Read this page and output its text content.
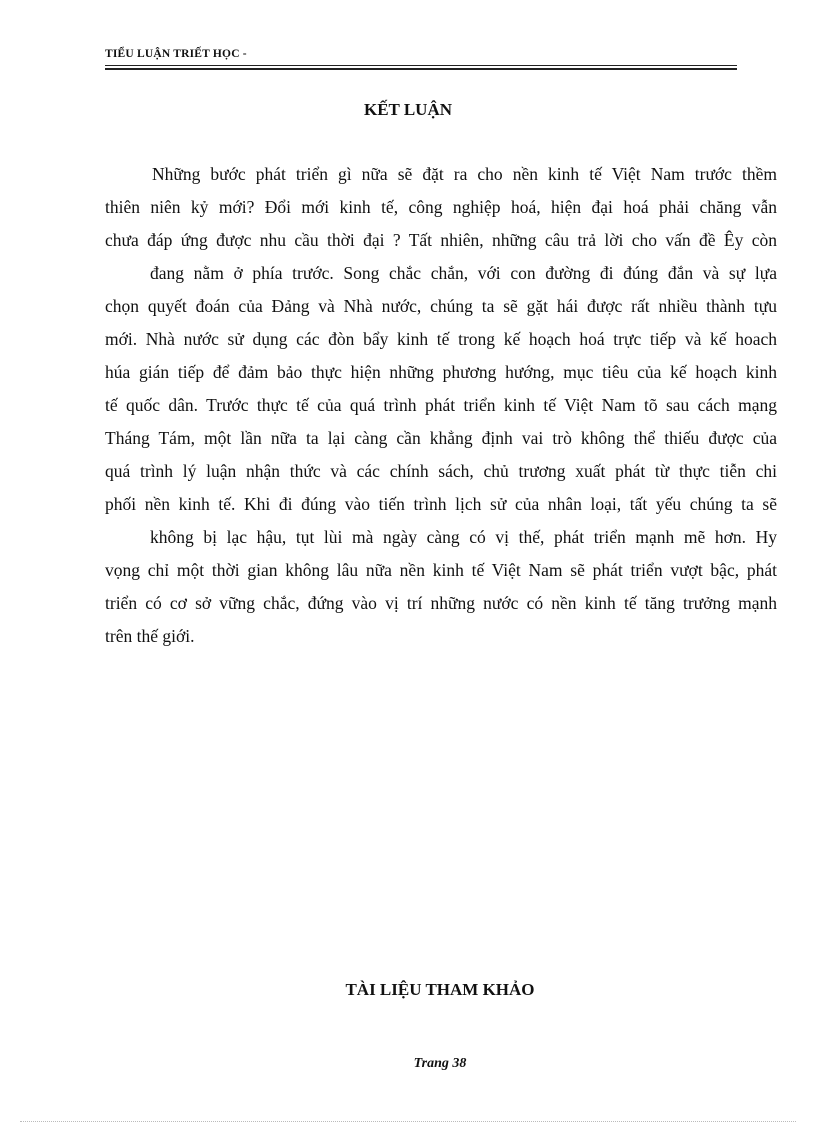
TIỂU LUẬN TRIẾT HỌC -
KẾT LUẬN
Những bước phát triển gì nữa sẽ đặt ra cho nền kinh tế Việt Nam trước thềm
thiên niên kỷ mới? Đổi mới kinh tế, công nghiệp hoá, hiện đại hoá phải chăng vẫn
chưa đáp ứng được nhu cầu thời đại ? Tất nhiên, những câu trả lời cho vấn đề Êy còn
đang nằm ở phía trước. Song chắc chắn, với con đường đi đúng đắn và sự lựa
chọn quyết đoán của Đảng và Nhà nước, chúng ta sẽ gặt hái được rất nhiều thành tựu
mới. Nhà nước sử dụng các đòn bẩy kinh tế trong kế hoạch hoá trực tiếp và kế hoach
húa gián tiếp để đảm bảo thực hiện những phương hướng, mục tiêu của kế hoạch kinh
tế quốc dân. Trước thực tế của quá trình phát triển kinh tế Việt Nam tõ sau cách mạng
Tháng Tám, một lần nữa ta lại càng cần khẳng định vai trò không thể thiếu được của
quá trình lý luận nhận thức và các chính sách, chủ trương xuất phát từ thực tiễn chi
phối nền kinh tế. Khi đi đúng vào tiến trình lịch sử của nhân loại, tất yếu chúng ta sẽ
không bị lạc hậu, tụt lùi mà ngày càng có vị thế, phát triển mạnh mẽ hơn. Hy
vọng chỉ một thời gian không lâu nữa nền kinh tế Việt Nam sẽ phát triển vượt bậc, phát
triển có cơ sở vững chắc, đứng vào vị trí những nước có nền kinh tế tăng trưởng mạnh
trên thế giới.
TÀI LIỆU THAM KHẢO
Trang 38
